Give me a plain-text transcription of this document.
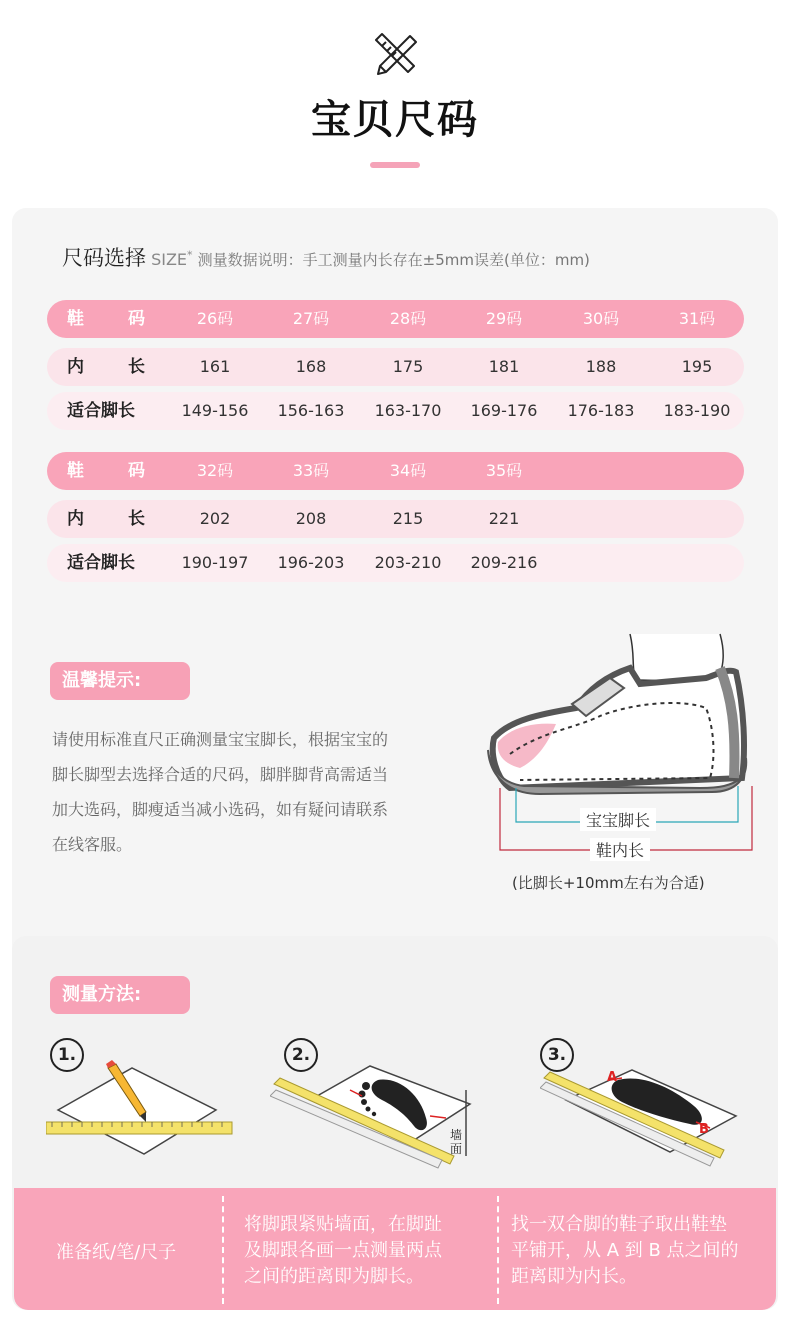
宝贝尺码
尺码选择 SIZE* 测量数据说明：手工测量内长存在±5mm误差(单位：mm)
鞋	码	26码	27码	28码	29码	30码	31码
内	长	161	168	175	181	188	195
适合脚长	149-156	156-163	163-170	169-176	176-183	183-190
鞋	码	32码	33码	34码	35码
内	长	202	208	215	221
适合脚长	190-197	196-203	203-210	209-216
温馨提示:
请使用标准直尺正确测量宝宝脚长，根据宝宝的
脚长脚型去选择合适的尺码，脚胖脚背高需适当
加大选码，脚瘦适当减小选码，如有疑问请联系
在线客服。
宝宝脚长
鞋内长
(比脚长+10mm左右为合适)
测量方法:
1.	2.	3.
墙
面
A
B
准备纸/笔/尺子
将脚跟紧贴墙面，在脚趾
及脚跟各画一点测量两点
之间的距离即为脚长。
找一双合脚的鞋子取出鞋垫
平铺开，从 A 到 B 点之间的
距离即为内长。
